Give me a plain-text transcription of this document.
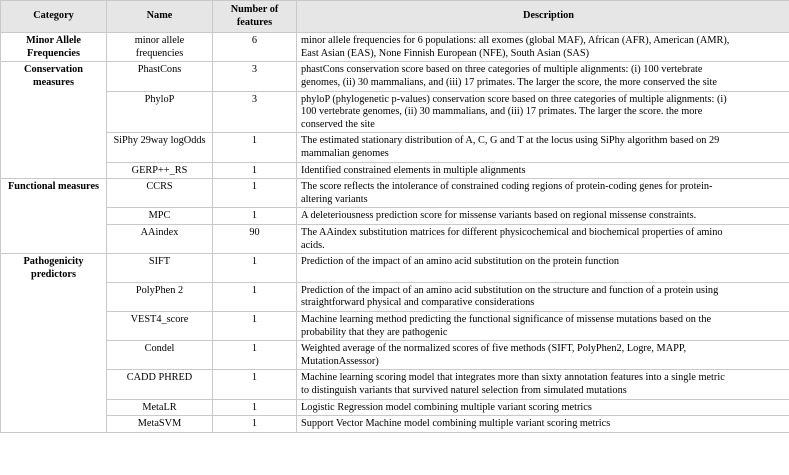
Category	Name	Number of features	Description
Minor Allele Frequencies	minor allele frequencies	6	minor allele frequencies for 6 populations: all exomes (global MAF), African (AFR), American (AMR),
East Asian (EAS), None Finnish European (NFE), South Asian (SAS)

Conservation measures	PhastCons	3	phastCons conservation score based on three categories of multiple alignments: (i) 100 vertebrate
genomes, (ii) 30 mammalians, and (iii) 17 primates. The larger the score, the more conserved the site

	PhyloP	3	phyloP (phylogenetic p-values) conservation score based on three categories of multiple alignments: (i)
100 vertebrate genomes, (ii) 30 mammalians, and (iii) 17 primates. The larger the score. the more
conserved the site

	SiPhy 29way logOdds	1	The estimated stationary distribution of A, C, G and T at the locus using SiPhy algorithm based on 29
mammalian genomes

	GERP++_RS	1	Identified constrained elements in multiple alignments

Functional measures	CCRS	1	The score reflects the intolerance of constrained coding regions of protein-coding genes for protein-
altering variants

	MPC	1	A deleteriousness prediction score for missense variants based on regional missense constraints.

	AAindex	90	The AAindex substitution matrices for different physicochemical and biochemical properties of amino
acids.

Pathogenicity predictors	SIFT	1	Prediction of the impact of an amino acid substitution on the protein function

	PolyPhen 2	1	Prediction of the impact of an amino acid substitution on the structure and function of a protein using
straightforward physical and comparative considerations

	VEST4_score	1	Machine learning method predicting the functional significance of missense mutations based on the
probability that they are pathogenic

	Condel	1	Weighted average of the normalized scores of five methods (SIFT, PolyPhen2, Logre, MAPP,
MutationAssessor)

	CADD PHRED	1	Machine learning scoring model that integrates more than sixty annotation features into a single metric
to distinguish variants that survived naturel selection from simulated mutations

	MetaLR	1	Logistic Regression model combining multiple variant scoring metrics

	MetaSVM	1	Support Vector Machine model combining multiple variant scoring metrics
